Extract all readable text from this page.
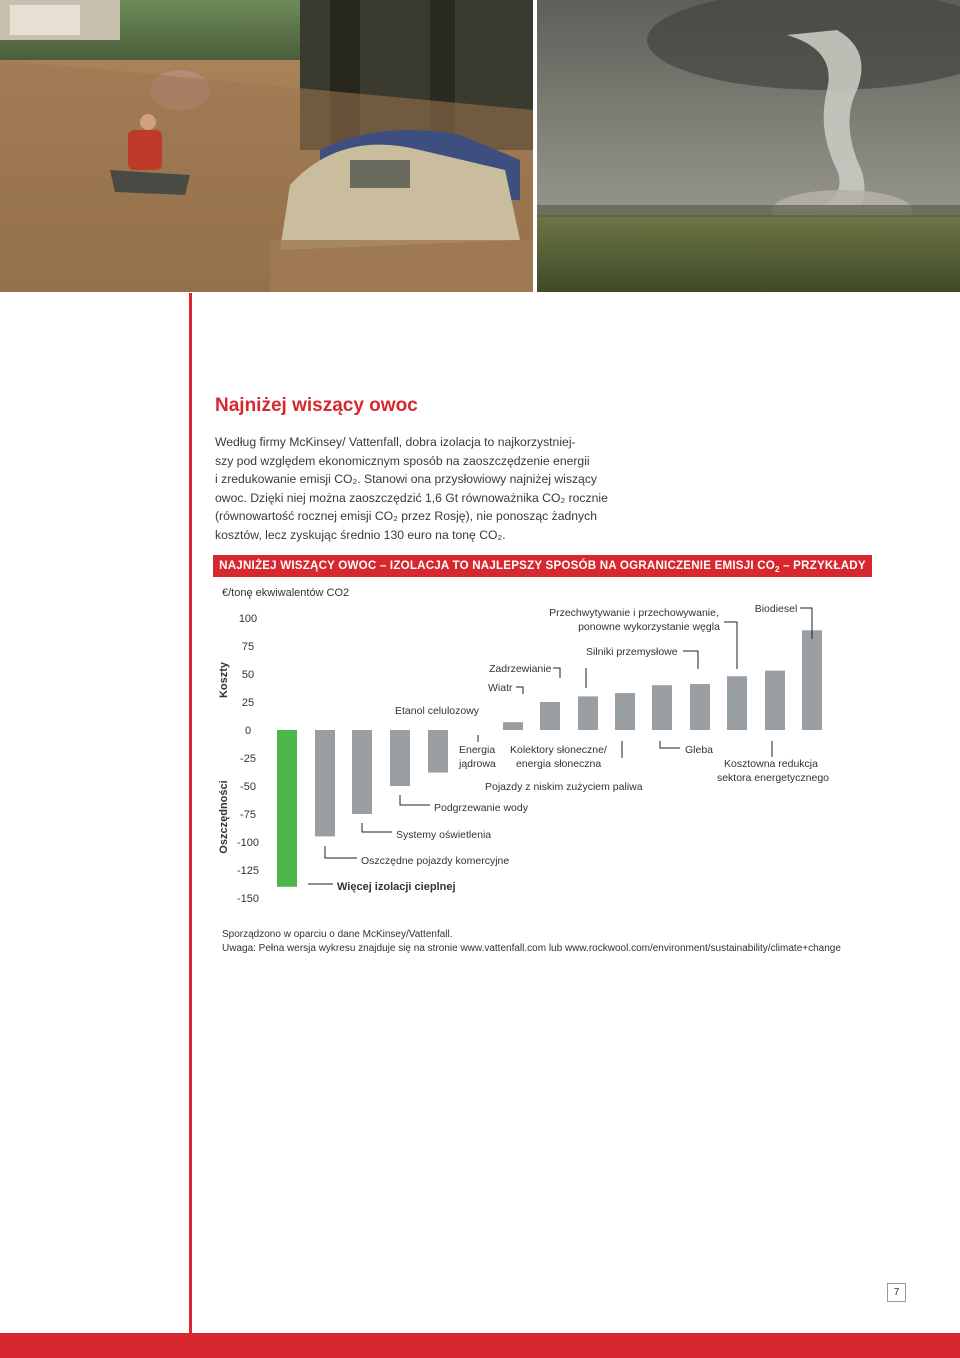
Najniżej wiszący owoc
Według firmy McKinsey/ Vattenfall, dobra izolacja to najkorzystniej-
szy pod względem ekonomicznym sposób na zaoszczędzenie energii
i zredukowanie emisji CO₂. Stanowi ona przysłowiowy najniżej wiszący
owoc. Dzięki niej można zaoszczędzić 1,6 Gt równoważnika CO₂ rocznie
(równowartość rocznej emisji CO₂ przez Rosję), nie ponosząc żadnych
kosztów, lecz zyskując średnio 130 euro na tonę CO₂.
NAJNIŻEJ WISZĄCY OWOC – IZOLACJA TO NAJLEPSZY SPOSÓB NA OGRANICZENIE EMISJI $CO_2$ – PRZYKŁADY
€/tonę ekwiwalentów CO2
Koszty
Oszczędności
100
75
50
25
0
-25
-50
-75
-100
-125
-150
Więcej izolacji cieplnej
Oszczędne pojazdy komercyjne
Systemy oświetlenia
Podgrzewanie wody
Etanol celulozowy
Energia
jądrowa
Wiatr
Zadrzewianie
Pojazdy z niskim zużyciem paliwa
Kolektory słoneczne/
energia słoneczna
Silniki przemysłowe
Gleba
Przechwytywanie i przechowywanie,
ponowne wykorzystanie węgla
Kosztowna redukcja
sektora energetycznego
Biodiesel
Sporządzono w oparciu o dane McKinsey/Vattenfall.
Uwaga: Pełna wersja wykresu znajduje się na stronie www.vattenfall.com lub www.rockwool.com/environment/sustainability/climate+change
7
